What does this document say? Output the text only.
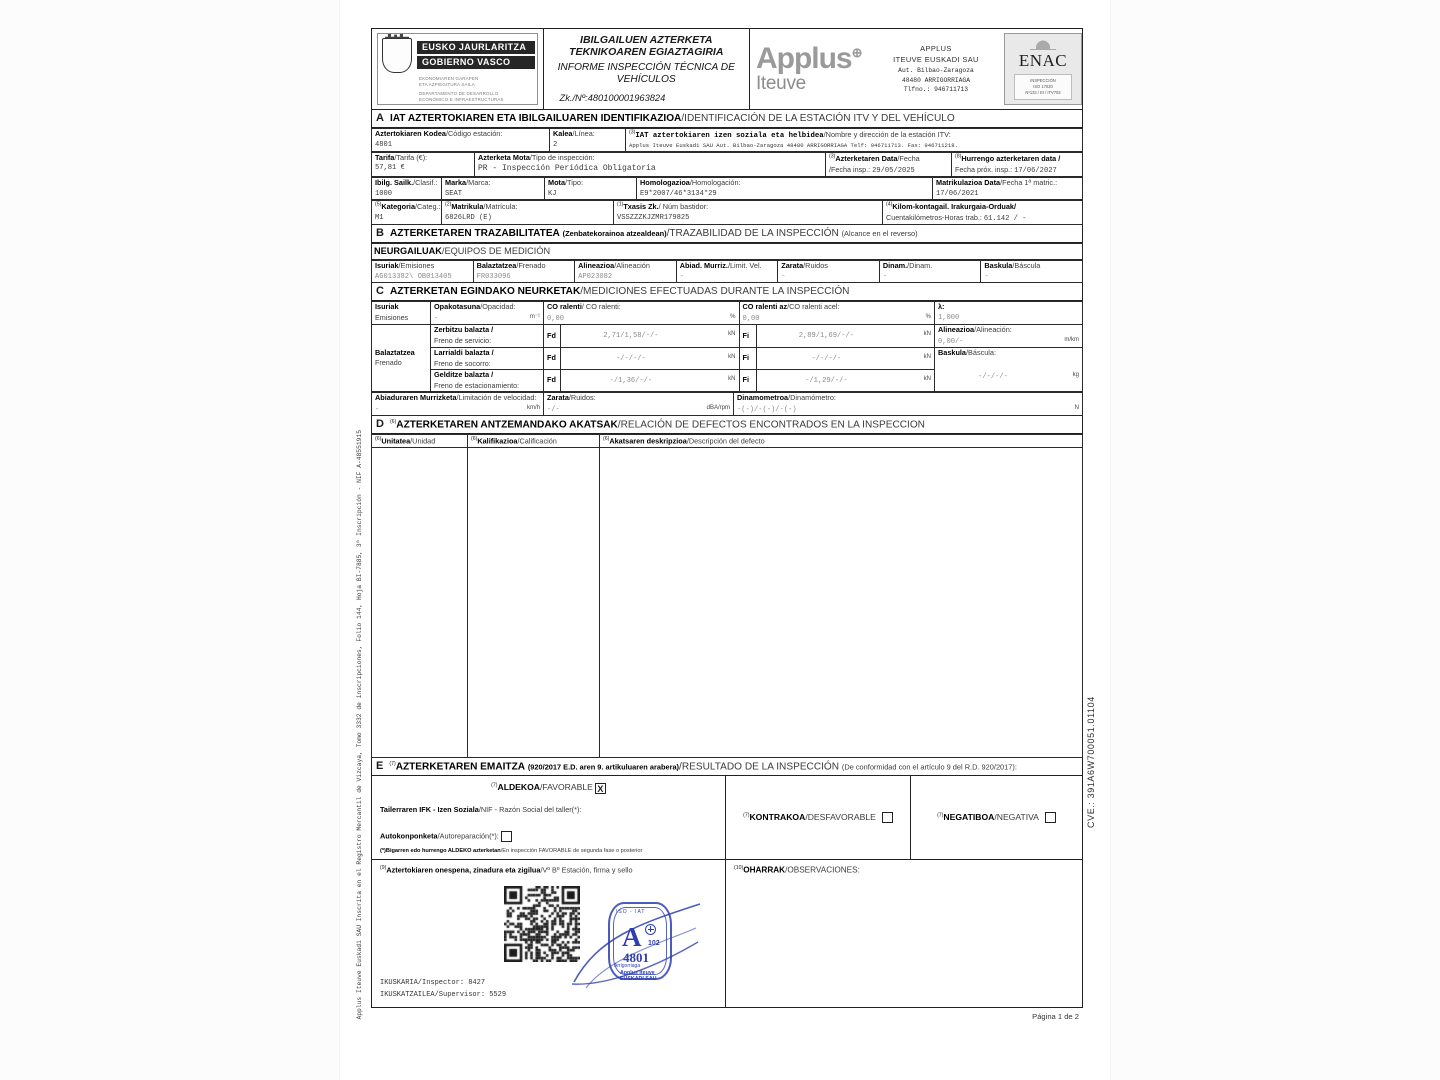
Applus Iteuve Euskadi SAU Inscrita en el Registro Mercantil de Vizcaya, Tomo 3332 de inscripciones, Folio 144, Hoja BI-7885, 3ª Inscripción - NIF A-48551915	CVE.: 391A6W700051.01104
EUSKO JAURLARITZA
GOBIERNO VASCO
EKONOMIAREN GARAPEN
ETA AZPIEGITURA SAILA
DEPARTAMENTO DE DESARROLLO
ECONÓMICO E INFRAESTRUCTURAS
IBILGAILUEN AZTERKETA TEKNIKOAREN EGIAZTAGIRIA
INFORME INSPECCIÓN TÉCNICA DE VEHÍCULOS
Zk./Nº:480100001963824
Applus⊕
Iteuve
APPLUS
ITEUVE EUSKADI SAU
Aut. Bilbao-Zaragoza
48480 ARRIGORRIAGA
Tlfno.: 946711713
ENAC
INSPECCIÓN
ISO 17020
Nº133 / EI / ITV703
A IAT AZTERTOKIAREN ETA IBILGAILUAREN IDENTIFIKAZIOA/IDENTIFICACIÓN DE LA ESTACIÓN ITV Y DEL VEHÍCULO
Aztertokiaren Kodea/Código estación:
4801
	Kalea/Línea:
2
	$^{(3)}$IAT aztertokiaren izen soziala eta helbidea/Nombre y dirección de la estación ITV:
Applus Iteuve Euskadi SAU Aut. Bilbao-Zaragoza 48480 ARRIGORRIAGA Telf: 946711713. Fax: 946711218.
Tarifa/Tarifa (€):
57,81 €
	Azterketa Mota/Tipo de inspección:
PR - Inspección Periódica Obligatoria
	$^{(3)}$Azterketaren Data/Fecha
/Fecha insp.: 29/05/2025
	$^{(8)}$Hurrengo azterketaren data /
Fecha próx. insp.: 17/06/2027
Ibilg. Sailk./Clasif.:
1000
	Marka/Marca:
SEAT
	Mota/Tipo:
KJ
	Homologazioa/Homologación:
E9*2007/46*3134*29
	Matrikulazioa Data/Fecha 1ª matric.:
17/06/2021
$^{(5)}$Kategoria/Categ.:
M1
	$^{(2)}$Matrikula/Matrícula:
6826LRD (E)
	$^{(1)}$Txasis Zk./ Núm bastidor:
VSSZZZKJZMR179825
	$^{(4)}$Kilom-kontagail. Irakurgaia-Orduak/
Cuentakilómetros-Horas trab.: 61.142 / -
B AZTERKETAREN TRAZABILITATEA (Zenbatekorainoa atzealdean)/TRAZABILIDAD DE LA INSPECCIÓN (Alcance en el reverso)
NEURGAILUAK/EQUIPOS DE MEDICIÓN
Isuriak/Emisiones
AG013382\ OB013405
	Balaztatzea/Frenado
FR033096
	Alineazioa/Alineación
AP023082
	Abiad. Murriz./Limit. Vel.
-
	Zarata/Ruidos
-
	Dinam./Dinam.
-
	Baskula/Báscula
-
C AZTERKETAN EGINDAKO NEURKETAK/MEDICIONES EFECTUADAS DURANTE LA INSPECCIÓN
Isuriak
Emisiones	Opakotasuna/Opacidad:
- m⁻¹	CO ralenti/ CO ralenti:
0,00 %		CO ralenti az/CO ralenti acel:
0,00 %		λ:
1,000

Balaztatzea
Frenado	Zerbitzu balazta /
Freno de servicio:	Fd	2,71/1,58/-/- kN	Fi	2,89/1,69/-/- kN	Alineazioa/Alineación:
0,00/- m/km

	Larrialdi balazta /
Freno de socorro:	Fd	-/-/-/- kN	Fi	-/-/-/- kN	Baskula/Báscula:
-/-/-/- kg

	Gelditze balazta /
Freno de estacionamiento:	Fd	-/1,36/-/- kN	Fi	-/1,29/-/- kN	
Abiaduraren Murrizketa/Limitación de velocidad:
-	km/h
	Zarata/Ruidos:
-/-	dBA/rpm
	Dinamometroa/Dinamómetro:
-(-)/-(-)/-(-)	N
D $^{(6)}$AZTERKETAREN ANTZEMANDAKO AKATSAK/RELACIÓN DE DEFECTOS ENCONTRADOS EN LA INSPECCION
$^{(6)}$Unitatea/Unidad	$^{(6)}$Kalifikazioa/Calificación	$^{(6)}$Akatsaren deskripzioa/Descripción del defecto

E $^{(7)}$AZTERKETAREN EMAITZA (920/2017 E.D. aren 9. artikuluaren arabera)/RESULTADO DE LA INSPECCIÓN (De conformidad con el artículo 9 del R.D. 920/2017):
$^{(7)}$ALDEKOA/FAVORABLE X
Tailerraren IFK - Izen Soziala/NIF - Razón Social del taller(*):
Autokonponketa/Autoreparación(*):
(*)Bigarren edo hurrengo ALDEKO azterketan/En inspección FAVORABLE de segunda fase o posterior
$^{(7)}$KONTRAKOA/DESFAVORABLE	$^{(7)}$NEGATIBOA/NEGATIVA
$^{(9)}$Aztertokiaren onespena, zinadura eta zigilua/Vº Bº Estación, firma y sello
ISO - IAT
A 102
4801
Arrigorriaga
Applus Iteuve
EUSKADI SAU
IKUSKARIA/Inspector: 8427
IKUSKATZAILEA/Supervisor: 5529
$^{(10)}$OHARRAK/OBSERVACIONES:
Página 1 de 2
